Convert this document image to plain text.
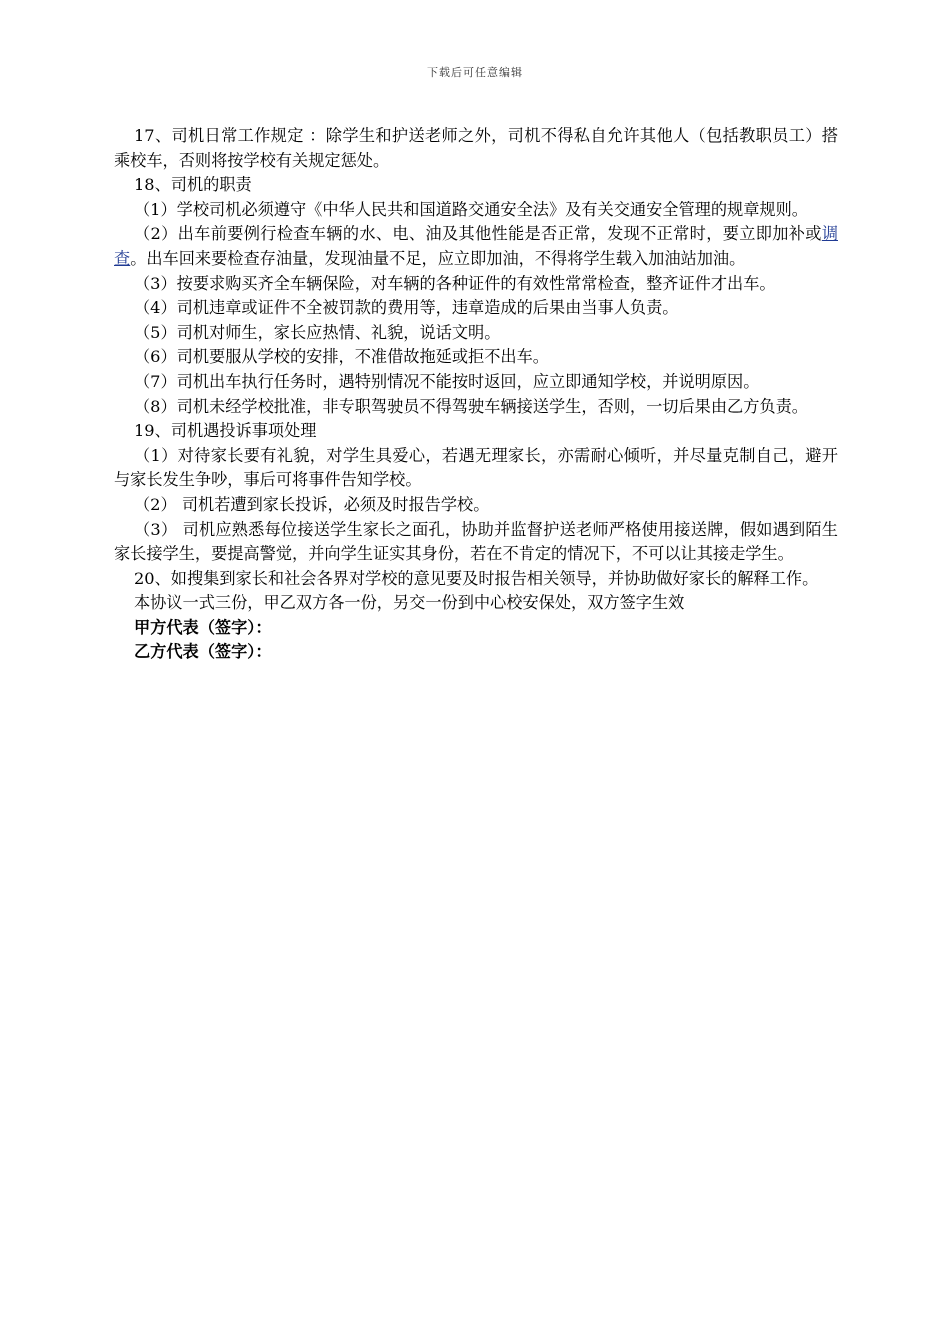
下载后可任意编辑

17、司机日常工作规定 ：除学生和护送老师之外，司机不得私自允许其他人（包括教职员工）搭乘校车，否则将按学校有关规定惩处。

18、司机的职责

（1）学校司机必须遵守《中华人民共和国道路交通安全法》及有关交通安全管理的规章规则。

（2）出车前要例行检查车辆的水、电、油及其他性能是否正常，发现不正常时，要立即加补或调查。出车回来要检查存油量，发现油量不足，应立即加油，不得将学生载入加油站加油。

（3）按要求购买齐全车辆保险，对车辆的各种证件的有效性常常检查，整齐证件才出车。

（4）司机违章或证件不全被罚款的费用等，违章造成的后果由当事人负责。

（5）司机对师生，家长应热情、礼貌，说话文明。

（6）司机要服从学校的安排，不准借故拖延或拒不出车。

（7）司机出车执行任务时，遇特别情况不能按时返回，应立即通知学校，并说明原因。

（8）司机未经学校批准，非专职驾驶员不得驾驶车辆接送学生，否则，一切后果由乙方负责。

19、司机遇投诉事项处理

（1）对待家长要有礼貌，对学生具爱心，若遇无理家长，亦需耐心倾听，并尽量克制自己，避开与家长发生争吵，事后可将事件告知学校。

（2） 司机若遭到家长投诉，必须及时报告学校。

（3） 司机应熟悉每位接送学生家长之面孔，协助并监督护送老师严格使用接送牌，假如遇到陌生家长接学生，要提高警觉，并向学生证实其身份，若在不肯定的情况下，不可以让其接走学生。

20、如搜集到家长和社会各界对学校的意见要及时报告相关领导，并协助做好家长的解释工作。

本协议一式三份，甲乙双方各一份，另交一份到中心校安保处，双方签字生效

甲方代表（签字）：

乙方代表（签字）：
